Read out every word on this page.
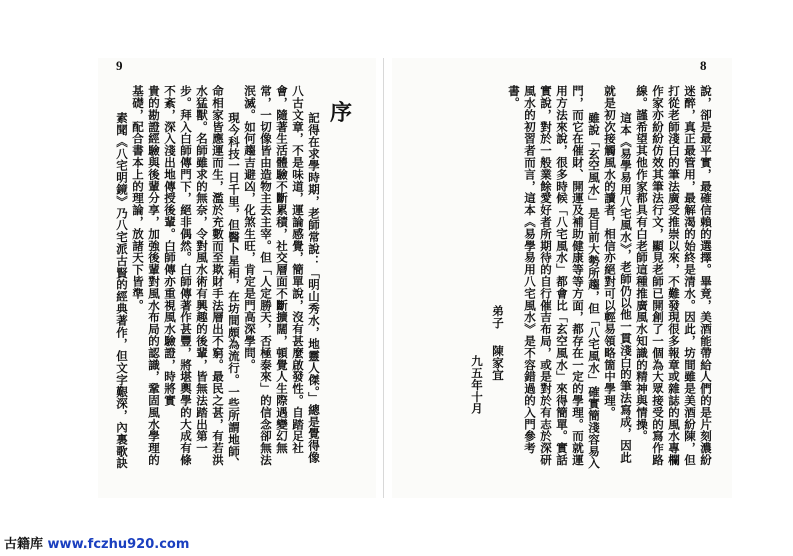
9	8
序
記得在求學時期，老師常說：「明山秀水，地靈人傑。」總是覺得像
八古文章，不是味道，運論感覺，簡單說，沒有甚麼啟發性。自踏足社
會，隨著生活體驗不斷累積，社交層面不斷擴闊，頓覺人生際遇變幻無
常，一切像皆由造物主去主宰。但「人定勝天，否極泰來」的信念卻無法
泯滅。如何趨吉避凶，化煞生旺，肯定是門高深學問。
現今科技一日千里，但醫卜星相，在坊間頗為流行。一些所謂地師、
命相家皆應運而生，濫於充數而至欺財手法層出不窮。最民之甚，有若洪
水猛獸。名師雖求的無奈，令對風水術有興趣的後輩，皆無法踏出第一
步。拜入白師傳門下，絕非偶然。白師傳著作甚豐，將堪輿學的大成有條
不紊，深入淺出地傳授後輩。白師傳亦重視風水驗證，時將實
貴的勘證經驗與後輩分享，加強後輩對風水布局的認識，鞏固風水學理的
基礎，配合書本上的理論，放諸天下皆準。
素聞《八宅明鏡》乃八宅派古賢的經典著作，但文字艱深，內裏歌訣	說，卻是最平實，最確信賴的選擇。畢竟，美酒能帶給人們的是片刻濃紛
迷醉，真正最管用，最解渴的始終是清水。因此，坊間雖是美酒紛陳，但
打從老師淺白的筆法廣受推崇以來，不難發現很多報章或雜誌的風水專欄
作家亦紛紛仿效其筆法行文，顯見老師已開創了一個為大眾接受的寫作路
線。謹希望其他作家都具有白老師這種推廣風水知識的精神與情操。
這本《易學易用八宅風水》，老師仍以他一貫淺白的筆法寫成，因此
就是初次接觸風水的讀者，相信亦絕對可以輕易領略箇中學理。
雖說「玄空風水」是目前大勢所趨，但「八宅風水」確實簡淺容易入
門，而它在催財、開運及補助健康等等方面，都存在一定的學理。而就運
用方法來說，很多時候「八宅風水」都會比「玄空風水」來得簡單。實話
實說，對於一般業餘愛好者所期待的自行催吉布局，或是對於有志於深研
風水的初習者而言，這本《易學易用八宅風水》是不容錯過的入門參考
書。
弟子
陳家宜
九五年十月
古籍库 www.fczhu920.com
